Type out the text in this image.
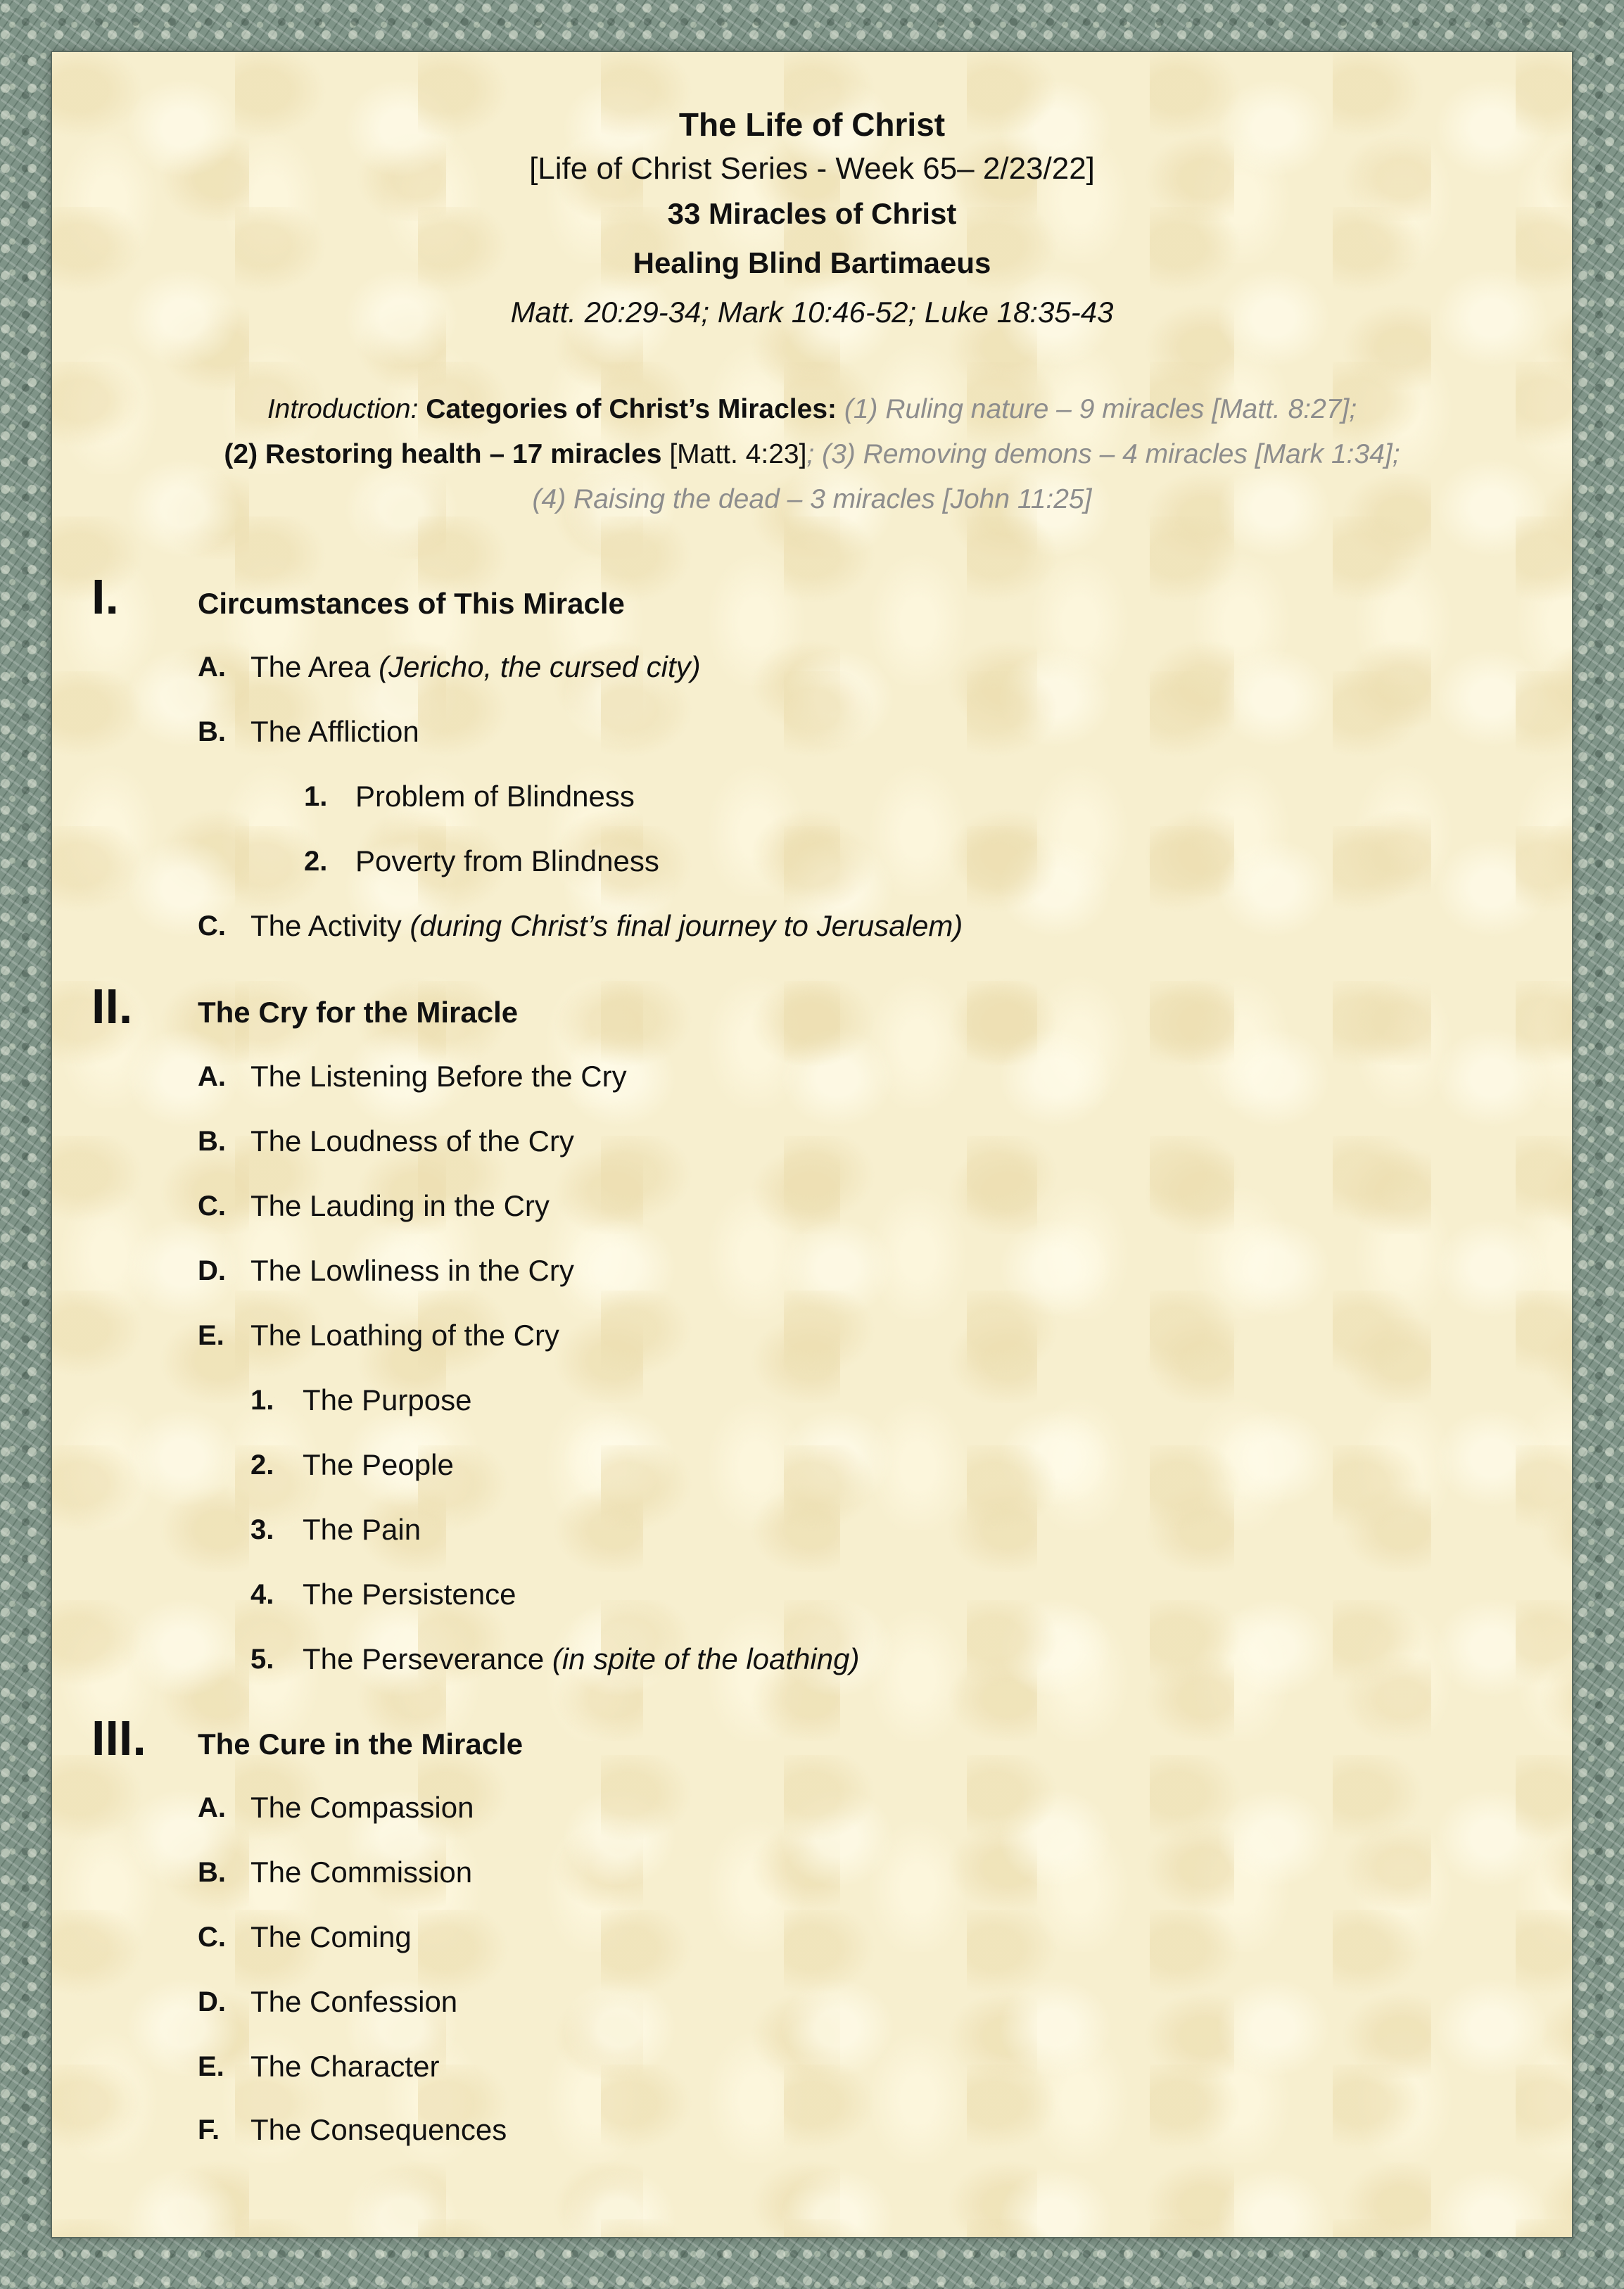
The Life of Christ
[Life of Christ Series - Week 65– 2/23/22]
33 Miracles of Christ
Healing Blind Bartimaeus
Matt. 20:29-34; Mark 10:46-52; Luke 18:35-43
Introduction: Categories of Christ’s Miracles: (1) Ruling nature – 9 miracles [Matt. 8:27];
(2) Restoring health – 17 miracles [Matt. 4:23]; (3) Removing demons – 4 miracles [Mark 1:34];
(4) Raising the dead – 3 miracles [John 11:25]
I.	Circumstances of This Miracle
A. The Area (Jericho, the cursed city)
B. The Affliction
1. Problem of Blindness
2. Poverty from Blindness
C. The Activity (during Christ’s final journey to Jerusalem)
II. The Cry for the Miracle
A. The Listening Before the Cry
B. The Loudness of the Cry
C. The Lauding in the Cry
D. The Lowliness in the Cry
E. The Loathing of the Cry
1. The Purpose
2. The People
3. The Pain
4. The Persistence
5. The Perseverance (in spite of the loathing)
III. The Cure in the Miracle
A. The Compassion
B. The Commission
C. The Coming
D. The Confession
E. The Character
F. The Consequences
